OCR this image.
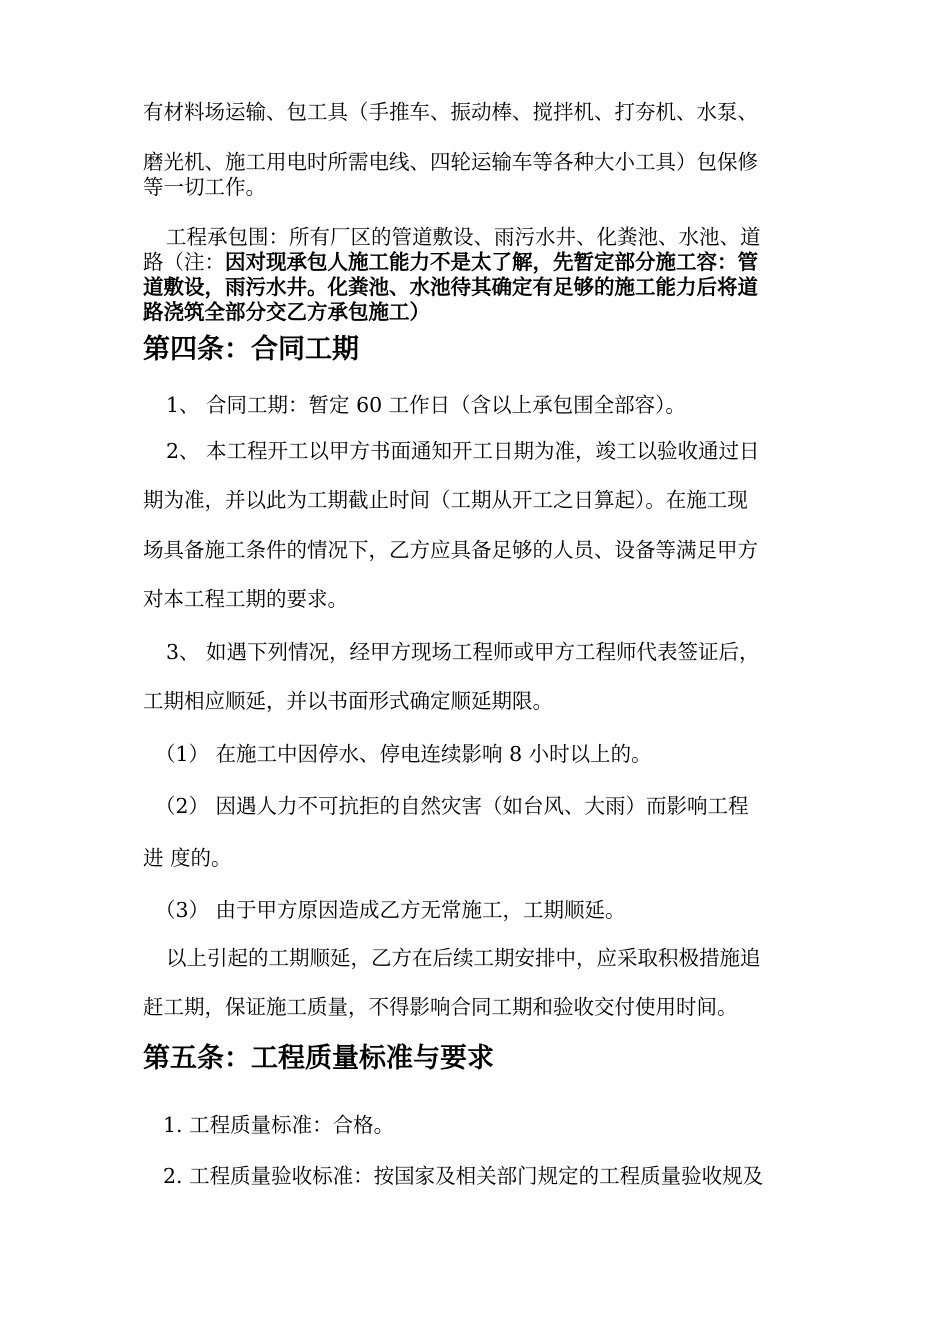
有材料场运输、包工具（手推车、振动棒、搅拌机、打夯机、水泵、

磨光机、施工用电时所需电线、四轮运输车等各种大小工具）包保修

等一切工作。

工程承包围：所有厂区的管道敷设、雨污水井、化粪池、水池、道

路（注：因对现承包人施工能力不是太了解，先暂定部分施工容：管

道敷设，雨污水井。化粪池、水池待其确定有足够的施工能力后将道

路浇筑全部分交乙方承包施工）

第四条：合同工期

1、 合同工期：暂定 60 工作日（含以上承包围全部容）。

2、 本工程开工以甲方书面通知开工日期为准，竣工以验收通过日

期为准，并以此为工期截止时间（工期从开工之日算起）。在施工现

场具备施工条件的情况下，乙方应具备足够的人员、设备等满足甲方

对本工程工期的要求。

3、 如遇下列情况，经甲方现场工程师或甲方工程师代表签证后，

工期相应顺延，并以书面形式确定顺延期限。

（1） 在施工中因停水、停电连续影响 8 小时以上的。

（2） 因遇人力不可抗拒的自然灾害（如台风、大雨）而影响工程

进 度的。

（3） 由于甲方原因造成乙方无常施工，工期顺延。

以上引起的工期顺延，乙方在后续工期安排中，应采取积极措施追

赶工期，保证施工质量，不得影响合同工期和验收交付使用时间。

第五条：工程质量标准与要求

1. 工程质量标准：合格。

2. 工程质量验收标准：按国家及相关部门规定的工程质量验收规及
